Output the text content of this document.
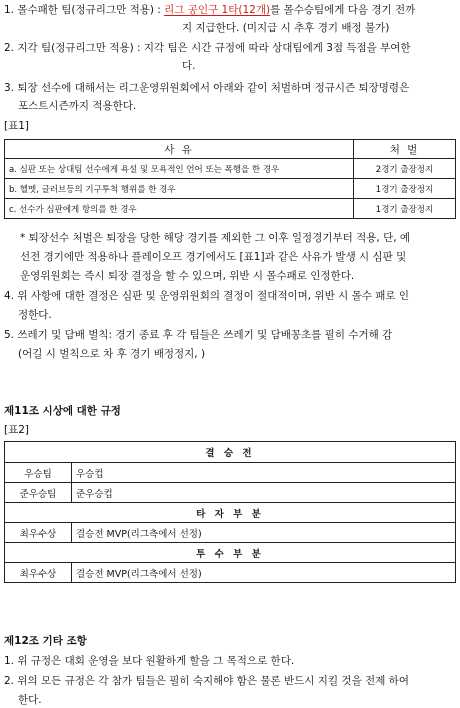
1. 몰수패한 팀(정규리그만 적용) : 리그 공인구 1타(12개)를 몰수승팀에게 다음 경기 전까
지 지급한다. (미지급 시 추후 경기 배정 불가)
2. 지각 팀(정규리그만 적용) : 지각 팀은 시간 규정에 따라 상대팀에게 3점 득점을 부여한
다.
3. 퇴장 선수에 대해서는 리그운영위원회에서 아래와 같이 처벌하며 정규시즌 퇴장명령은
포스트시즌까지 적용한다.
[표1]
사 유	처 벌
a. 심판 또는 상대팀 선수에게 욕설 및 모욕적인 언어 또는 폭행을 한 경우	2경기 출장정지
b. 헬멧, 글러브등의 기구투척 행위를 한 경우	1경기 출장정지
c. 선수가 심판에게 항의를 한 경우	1경기 출장정지
* 퇴장선수 처벌은 퇴장을 당한 해당 경기를 제외한 그 이후 일정경기부터 적용, 단, 예
선전 경기에만 적용하나 플레이오프 경기에서도 [표1]과 같은 사유가 발생 시 심판 및
운영위원회는 즉시 퇴장 결정을 할 수 있으며, 위반 시 몰수패로 인정한다.
4. 위 사항에 대한 결정은 심판 및 운영위원회의 결정이 절대적이며, 위반 시 몰수 패로 인
정한다.
5. 쓰레기 및 담배 벌칙: 경기 종료 후 각 팀들은 쓰레기 및 담배꽁초를 필히 수거해 감
(어길 시 벌칙으로 차 후 경기 배정정지, )
제11조 시상에 대한 규정
[표2]
결 승 전	
우승팀	우승컵
준우승팀	준우승컵
타 자 부 분	
최우수상	결승전 MVP(리그측에서 선정)
투 수 부 분	
최우수상	결승전 MVP(리그측에서 선정)
제12조 기타 조항
1. 위 규정은 대회 운영을 보다 원활하게 할을 그 목적으로 한다.
2. 위의 모든 규정은 각 참가 팀들은 필히 숙지해야 함은 물론 반드시 지킬 것을 전제 하여
한다.
